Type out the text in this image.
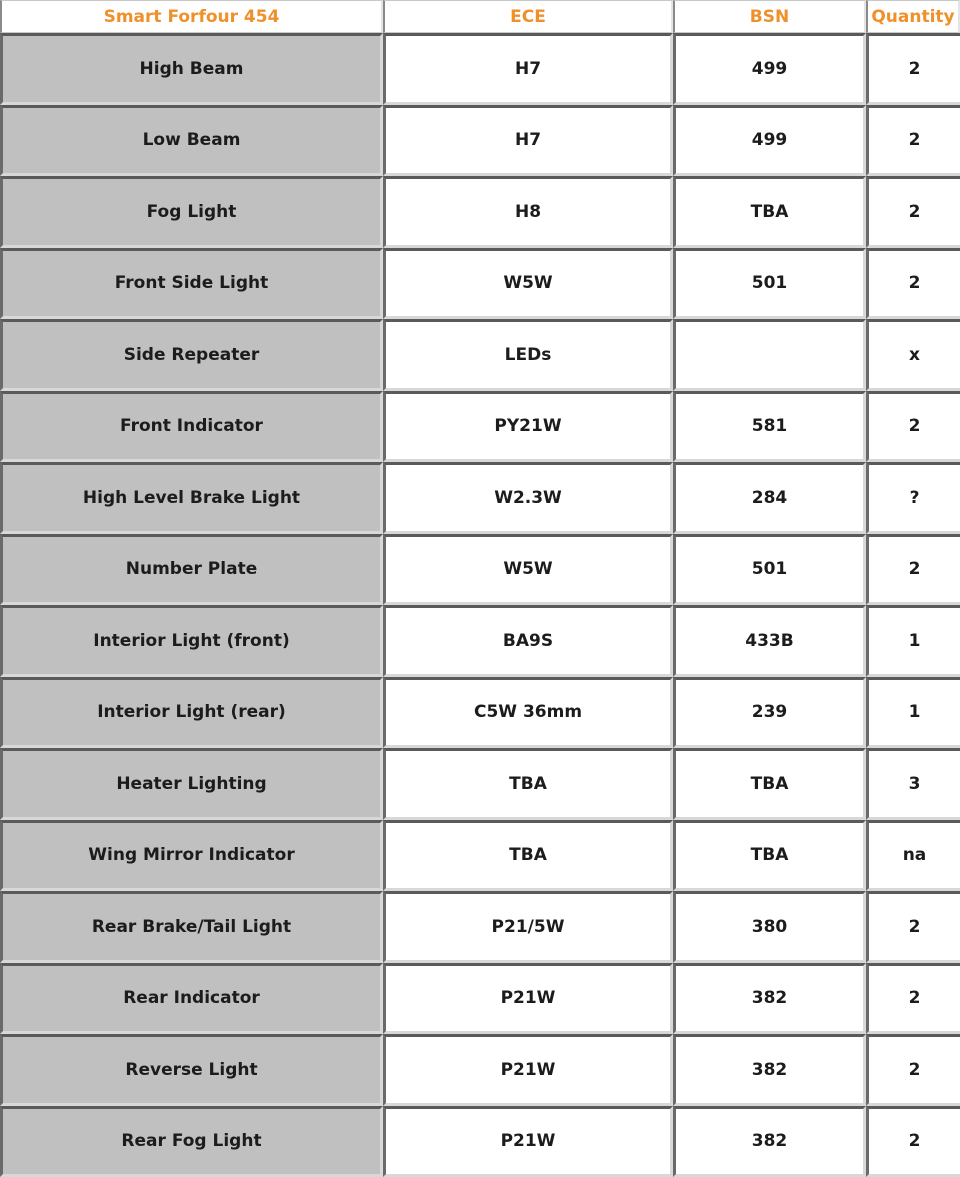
Smart Forfour 454	ECE	BSN	Quantity
High Beam	H7	499	2
Low Beam	H7	499	2
Fog Light	H8	TBA	2
Front Side Light	W5W	501	2
Side Repeater	LEDs		x
Front Indicator	PY21W	581	2
High Level Brake Light	W2.3W	284	?
Number Plate	W5W	501	2
Interior Light (front)	BA9S	433B	1
Interior Light (rear)	C5W 36mm	239	1
Heater Lighting	TBA	TBA	3
Wing Mirror Indicator	TBA	TBA	na
Rear Brake/Tail Light	P21/5W	380	2
Rear Indicator	P21W	382	2
Reverse Light	P21W	382	2
Rear Fog Light	P21W	382	2
